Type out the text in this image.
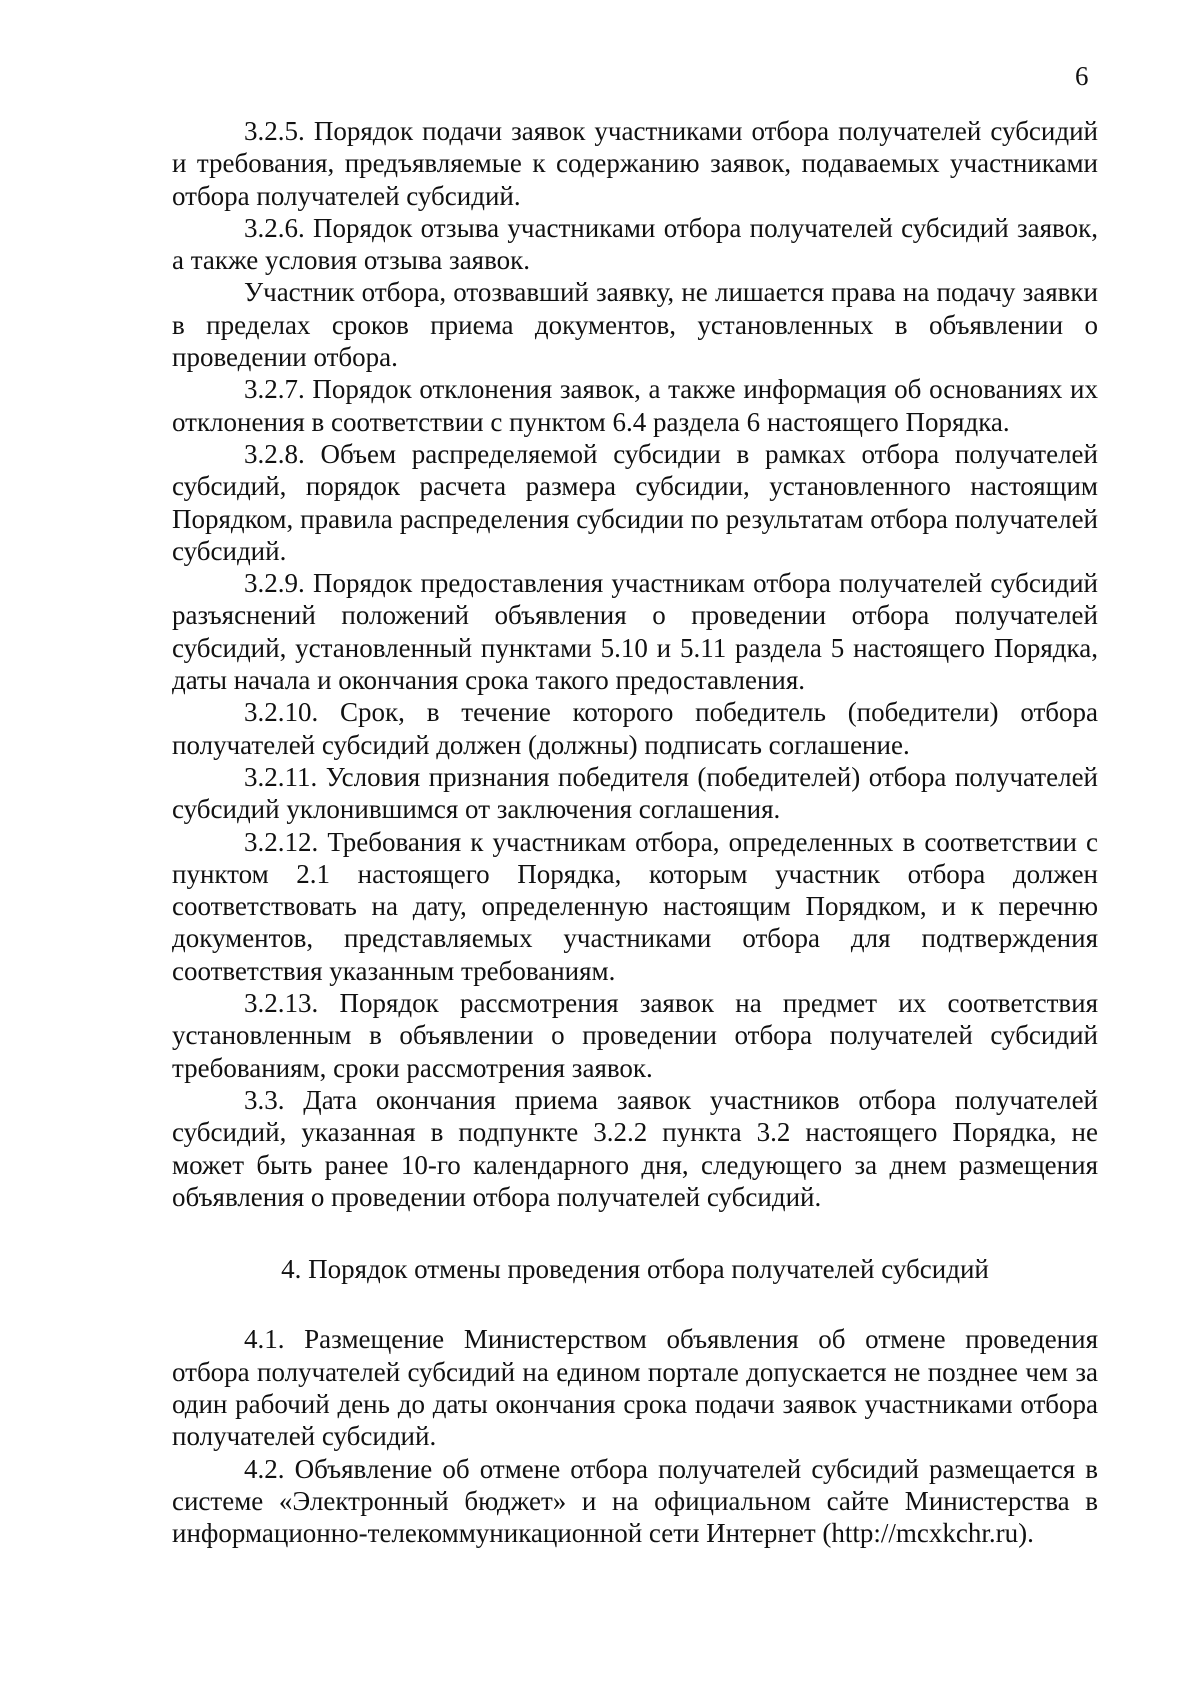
6

3.2.5. Порядок подачи заявок участниками отбора получателей субсидий и требования, предъявляемые к содержанию заявок, подаваемых участниками отбора получателей субсидий.

3.2.6. Порядок отзыва участниками отбора получателей субсидий заявок, а также условия отзыва заявок.

Участник отбора, отозвавший заявку, не лишается права на подачу заявки в пределах сроков приема документов, установленных в объявлении о проведении отбора.

3.2.7. Порядок отклонения заявок, а также информация об основаниях их отклонения в соответствии с пунктом 6.4 раздела 6 настоящего Порядка.

3.2.8. Объем распределяемой субсидии в рамках отбора получателей субсидий, порядок расчета размера субсидии, установленного настоящим Порядком, правила распределения субсидии по результатам отбора получателей субсидий.

3.2.9. Порядок предоставления участникам отбора получателей субсидий разъяснений положений объявления о проведении отбора получателей субсидий, установленный пунктами 5.10 и 5.11 раздела 5 настоящего Порядка, даты начала и окончания срока такого предоставления.

3.2.10. Срок, в течение которого победитель (победители) отбора получателей субсидий должен (должны) подписать соглашение.

3.2.11. Условия признания победителя (победителей) отбора получателей субсидий уклонившимся от заключения соглашения.

3.2.12. Требования к участникам отбора, определенных в соответствии с пунктом 2.1 настоящего Порядка, которым участник отбора должен соответствовать на дату, определенную настоящим Порядком, и к перечню документов, представляемых участниками отбора для подтверждения соответствия указанным требованиям.

3.2.13. Порядок рассмотрения заявок на предмет их соответствия установленным в объявлении о проведении отбора получателей субсидий требованиям, сроки рассмотрения заявок.

3.3. Дата окончания приема заявок участников отбора получателей субсидий, указанная в подпункте 3.2.2 пункта 3.2 настоящего Порядка, не может быть ранее 10-го календарного дня, следующего за днем размещения объявления о проведении отбора получателей субсидий.

4. Порядок отмены проведения отбора получателей субсидий

4.1. Размещение Министерством объявления об отмене проведения отбора получателей субсидий на едином портале допускается не позднее чем за один рабочий день до даты окончания срока подачи заявок участниками отбора получателей субсидий.

4.2. Объявление об отмене отбора получателей субсидий размещается в системе «Электронный бюджет» и на официальном сайте Министерства в информационно-телекоммуникационной сети Интернет (http://mcxkchr.ru).
